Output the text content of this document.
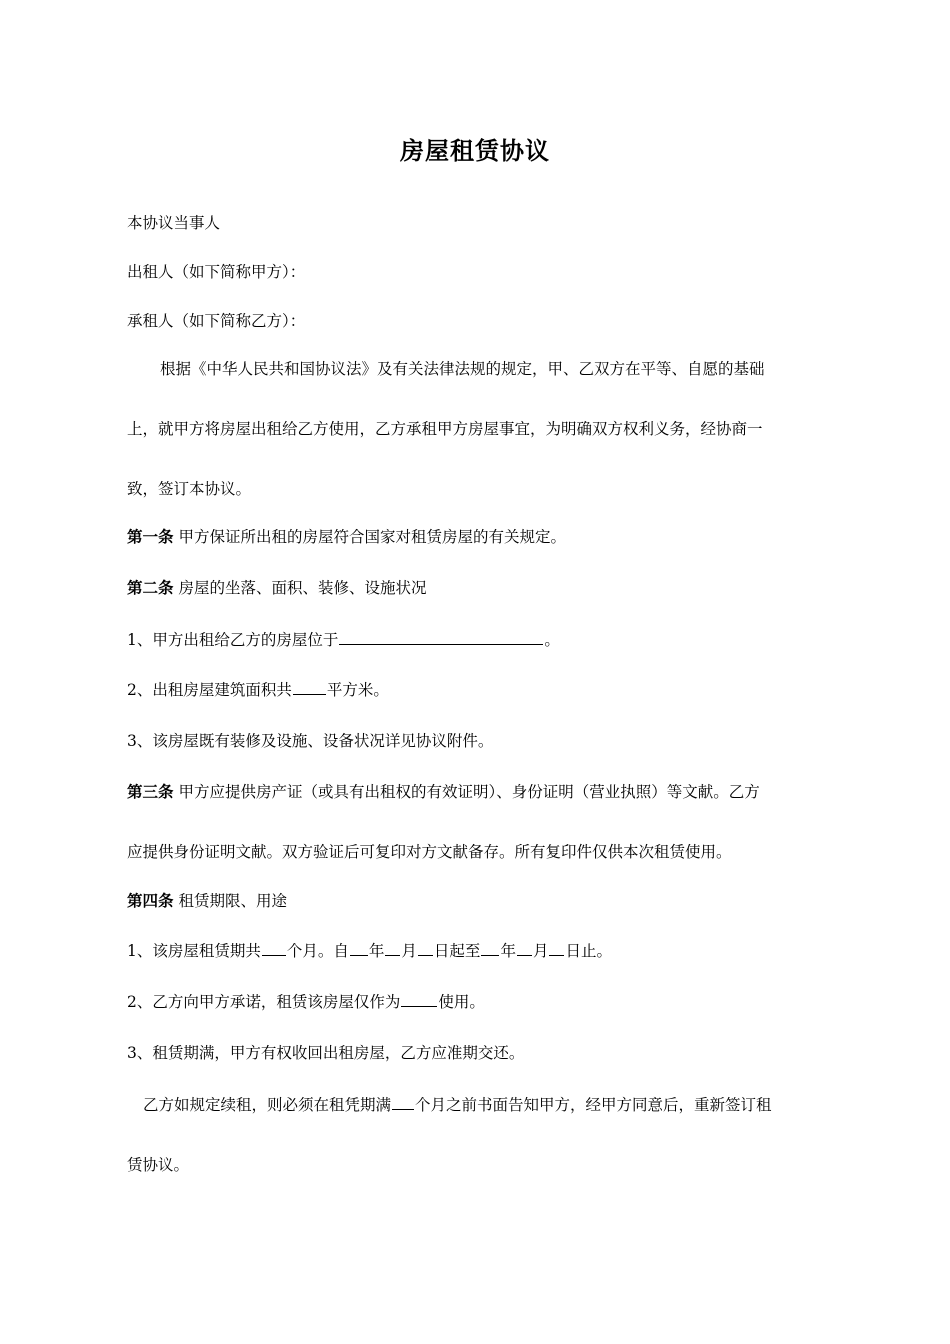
房屋租赁协议
本协议当事人
出租人（如下简称甲方）：
承租人（如下简称乙方）：
根据《中华人民共和国协议法》及有关法律法规的规定，甲、乙双方在平等、自愿的基础
上，就甲方将房屋出租给乙方使用，乙方承租甲方房屋事宜，为明确双方权利义务，经协商一
致，签订本协议。
第一条 甲方保证所出租的房屋符合国家对租赁房屋的有关规定。
第二条 房屋的坐落、面积、装修、设施状况
1、甲方出租给乙方的房屋位于	。
2、出租房屋建筑面积共 平方米。
3、该房屋既有装修及设施、设备状况详见协议附件。
第三条 甲方应提供房产证（或具有出租权的有效证明）、身份证明（营业执照）等文献。乙方
应提供身份证明文献。双方验证后可复印对方文献备存。所有复印件仅供本次租赁使用。
第四条 租赁期限、用途
1、该房屋租赁期共 个月。自 年 月 日起至 年 月 日止。
2、乙方向甲方承诺，租赁该房屋仅作为 使用。
3、租赁期满，甲方有权收回出租房屋，乙方应准期交还。
乙方如规定续租，则必须在租凭期满 个月之前书面告知甲方，经甲方同意后，重新签订租
赁协议。
